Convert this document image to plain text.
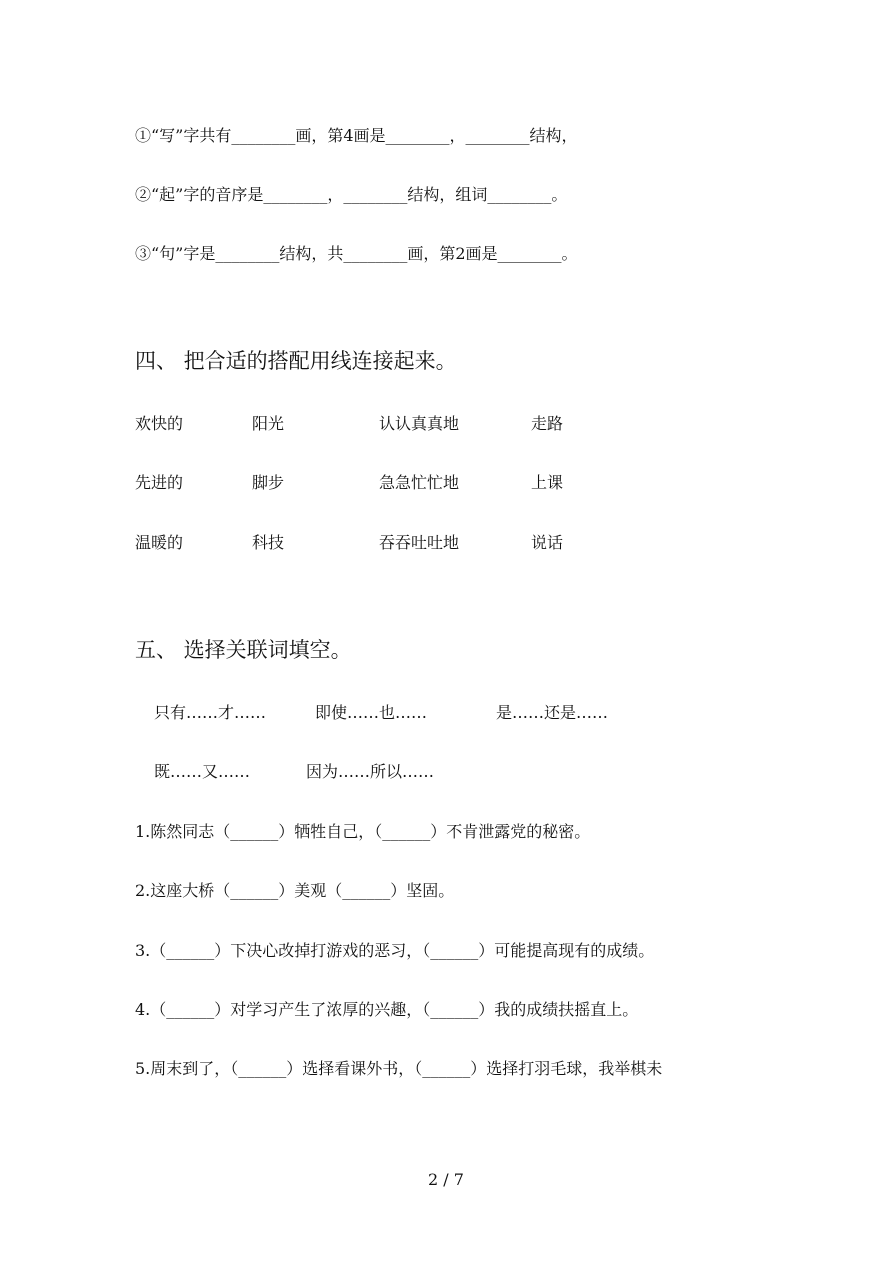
①“写”字共有________画，第4画是________，________结构，
②“起”字的音序是________，________结构，组词________。
③“句”字是________结构，共________画，第2画是________。
四、 把合适的搭配用线连接起来。
欢快的	阳光	认认真真地	走路
先进的	脚步	急急忙忙地	上课
温暖的	科技	吞吞吐吐地	说话
五、 选择关联词填空。
只有……才……	即使……也……	是……还是……
既……又……	因为……所以……
1.陈然同志（______）牺牲自己，（______）不肯泄露党的秘密。
2.这座大桥（______）美观（______）坚固。
3.（______）下决心改掉打游戏的恶习，（______）可能提高现有的成绩。
4.（______）对学习产生了浓厚的兴趣，（______）我的成绩扶摇直上。
5.周末到了，（______）选择看课外书，（______）选择打羽毛球，我举棋未
2 / 7
